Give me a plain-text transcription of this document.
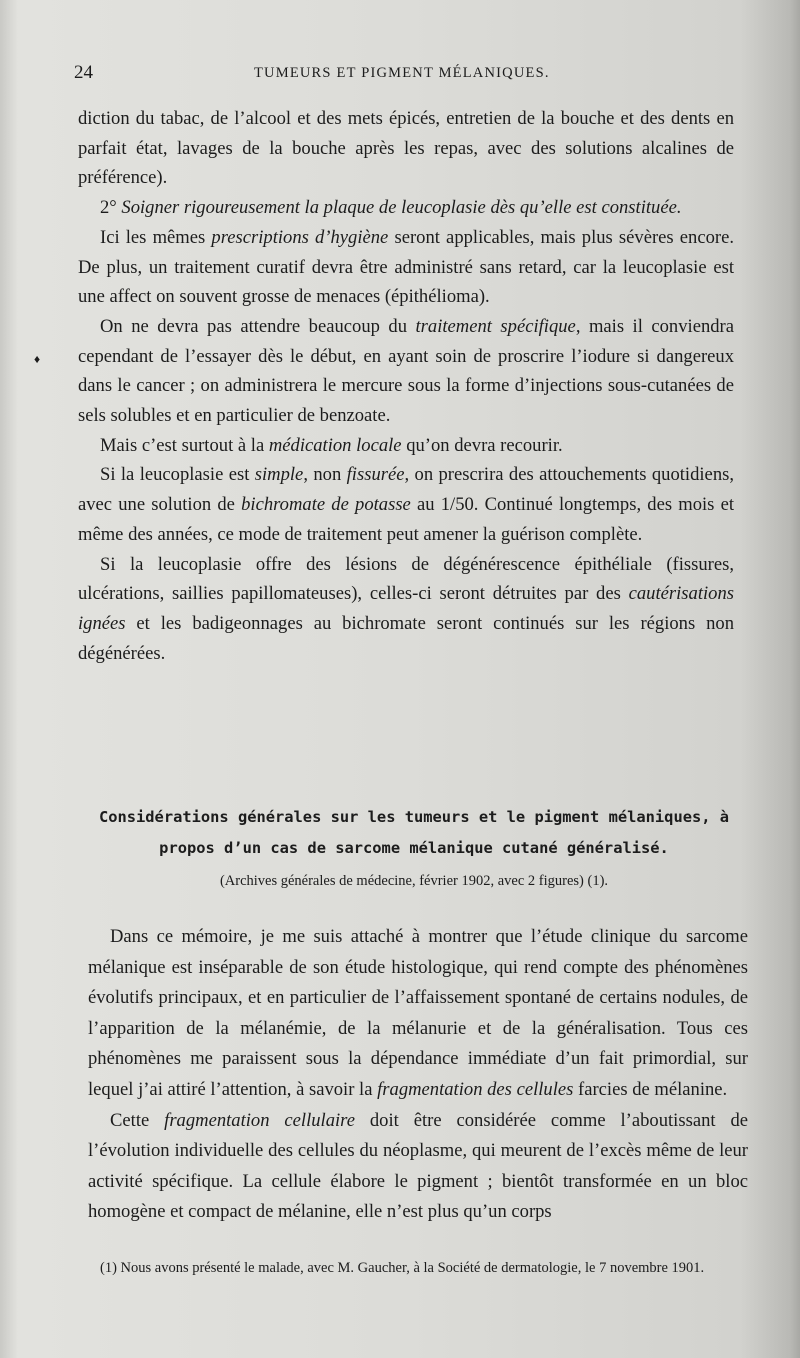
24	TUMEURS ET PIGMENT MÉLANIQUES.
♦

diction du tabac, de l’alcool et des mets épicés, entretien de la bouche et des dents en parfait état, lavages de la bouche après les repas, avec des solutions alcalines de préférence).

2° Soigner rigoureusement la plaque de leucoplasie dès qu’elle est constituée.

Ici les mêmes prescriptions d’hygiène seront applicables, mais plus sévères encore. De plus, un traitement curatif devra être administré sans retard, car la leucoplasie est une affect on souvent grosse de menaces (épithélioma).

On ne devra pas attendre beaucoup du traitement spécifique, mais il conviendra cependant de l’essayer dès le début, en ayant soin de proscrire l’iodure si dangereux dans le cancer ; on administrera le mercure sous la forme d’injections sous-cutanées de sels solubles et en particulier de benzoate.

Mais c’est surtout à la médication locale qu’on devra recourir.

Si la leucoplasie est simple, non fissurée, on prescrira des attouchements quotidiens, avec une solution de bichromate de potasse au 1/50. Continué longtemps, des mois et même des années, ce mode de traitement peut amener la guérison complète.

Si la leucoplasie offre des lésions de dégénérescence épithéliale (fissures, ulcérations, saillies papillomateuses), celles-ci seront détruites par des cautérisations ignées et les badigeonnages au bichromate seront continués sur les régions non dégénérées.

Considérations générales sur les tumeurs et le pigment mélaniques, à propos d’un cas de sarcome mélanique cutané généralisé.
(Archives générales de médecine, février 1902, avec 2 figures) (1).

Dans ce mémoire, je me suis attaché à montrer que l’étude clinique du sarcome mélanique est inséparable de son étude histologique, qui rend compte des phénomènes évolutifs principaux, et en particulier de l’affaissement spontané de certains nodules, de l’apparition de la mélanémie, de la mélanurie et de la généralisation. Tous ces phénomènes me paraissent sous la dépendance immédiate d’un fait primordial, sur lequel j’ai attiré l’attention, à savoir la fragmentation des cellules farcies de mélanine.

Cette fragmentation cellulaire doit être considérée comme l’aboutissant de l’évolution individuelle des cellules du néoplasme, qui meurent de l’excès même de leur activité spécifique. La cellule élabore le pigment ; bientôt transformée en un bloc homogène et compact de mélanine, elle n’est plus qu’un corps

(1) Nous avons présenté le malade, avec M. Gaucher, à la Société de dermatologie, le 7 novembre 1901.
